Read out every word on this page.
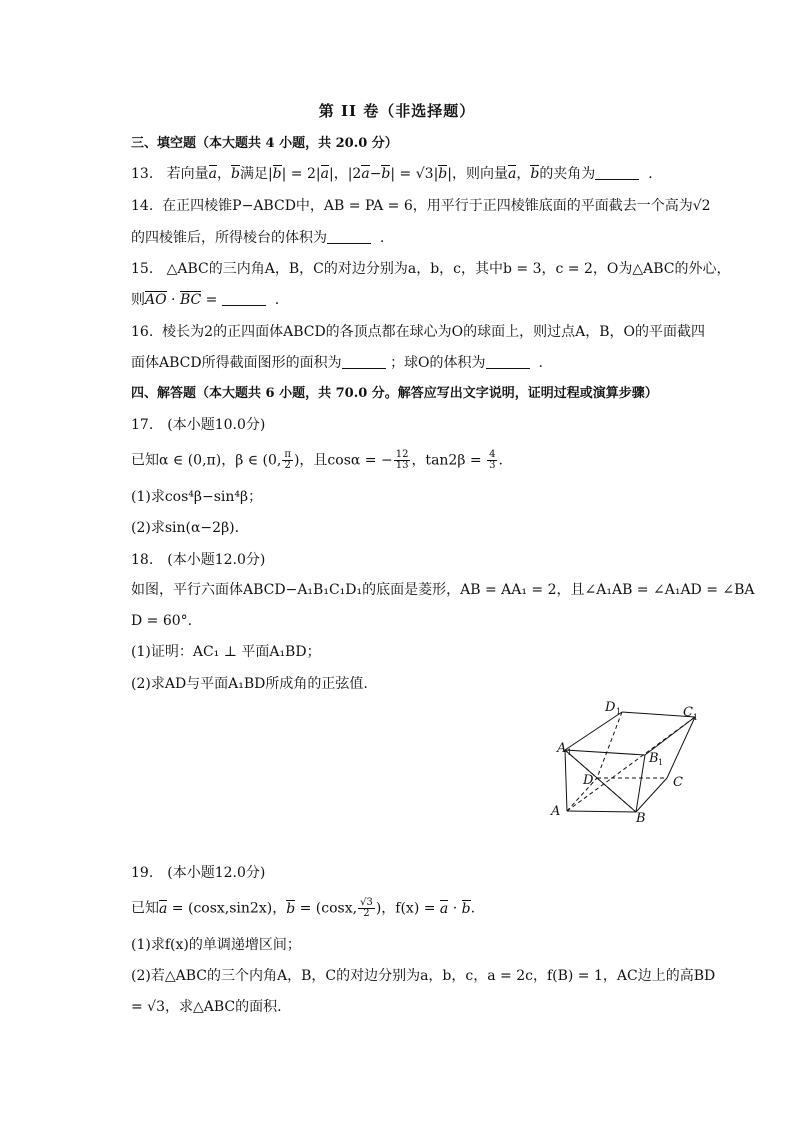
第 II 卷（非选择题）
三、填空题（本大题共 4 小题，共 20.0 分）
13. 若向量a，b满足|b| = 2|a|，|2a−b| = √3|b|，则向量a，b的夹角为	.
14. 在正四棱锥P−ABCD中，AB = PA = 6，用平行于正四棱锥底面的平面截去一个高为√2
的四棱锥后，所得棱台的体积为	.
15. △ABC的三内角A，B，C的对边分别为a，b，c，其中b = 3，c = 2，O为△ABC的外心，
则AO · BC =	.
16. 棱长为2的正四面体ABCD的各顶点都在球心为O的球面上，则过点A，B，O的平面截四
面体ABCD所得截面图形的面积为	；球O的体积为	.
四、解答题（本大题共 6 小题，共 70.0 分。解答应写出文字说明，证明过程或演算步骤）
17.　(本小题10.0分)
已知α ∈ (0,π)，β ∈ (0, $\frac{\pi}{2}$ )，且cosα = − $\frac{12}{13}$ ，$\tan 2\beta = \frac{4}{3}$ .
(1)求cos⁴β−sin⁴β；
(2)求sin(α−2β).
18.　(本小题12.0分)
如图，平行六面体ABCD−A₁B₁C₁D₁的底面是菱形，AB = AA₁ = 2，且∠A₁AB = ∠A₁AD = ∠BA
D = 60°.
(1)证明：AC₁ ⊥ 平面A₁BD；
(2)求AD与平面A₁BD所成角的正弦值.
D 1	C 1
A 1	B 1
D	C
A	B
19.　(本小题12.0分)
已知a = (cosx,sin2x)，b = (cosx, $\frac{√3}{2}$ )，f(x) = a · b.
(1)求f(x)的单调递增区间；
(2)若△ABC的三个内角A，B，C的对边分别为a，b，c，a = 2c，f(B) = 1，AC边上的高BD
= √3，求△ABC的面积.
